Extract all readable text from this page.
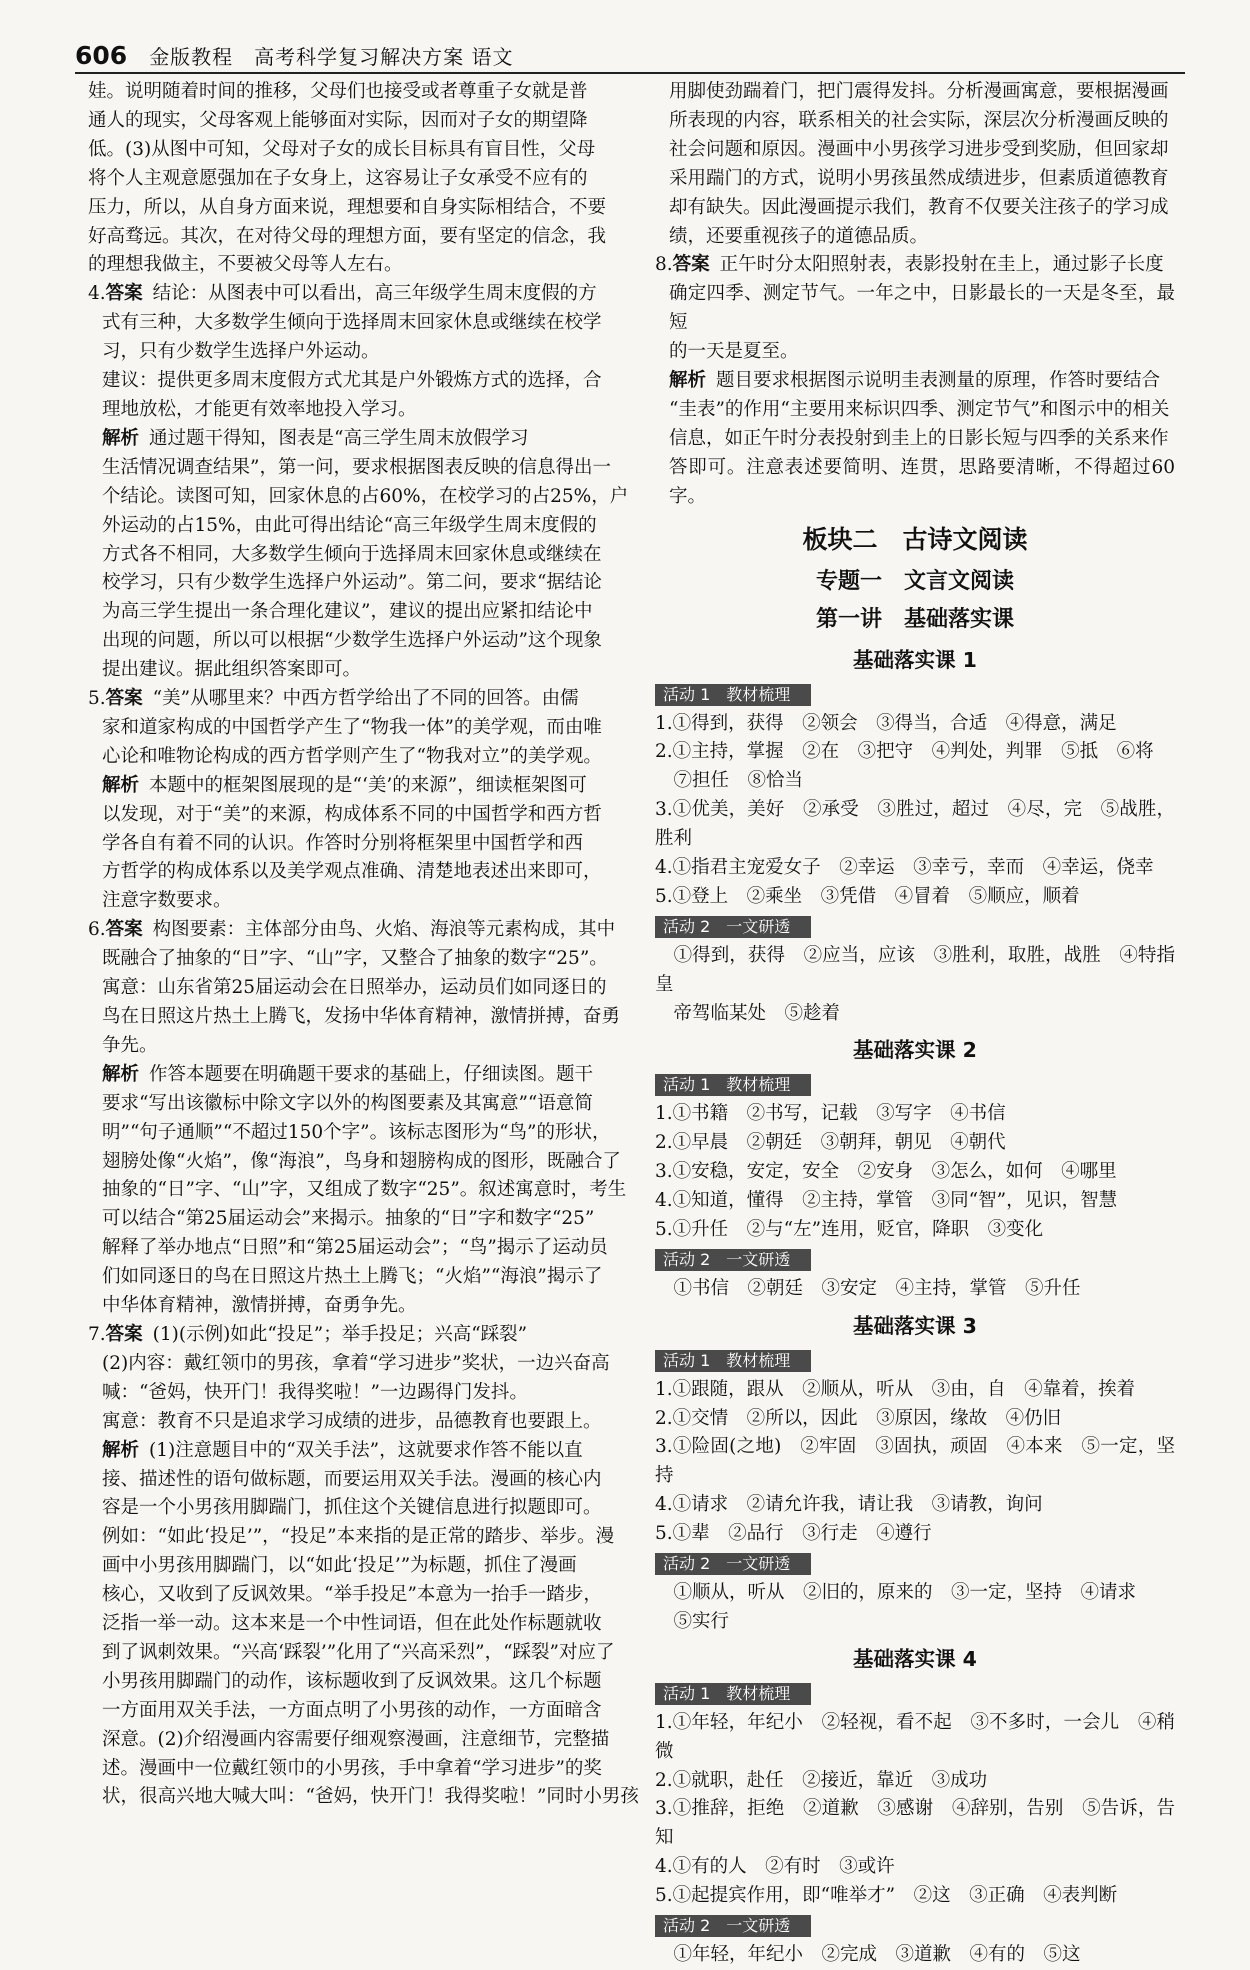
606 金版教程　高考科学复习解决方案 语文

娃。说明随着时间的推移，父母们也接受或者尊重子女就是普

通人的现实，父母客观上能够面对实际，因而对子女的期望降

低。(3)从图中可知，父母对子女的成长目标具有盲目性，父母

将个人主观意愿强加在子女身上，这容易让子女承受不应有的

压力，所以，从自身方面来说，理想要和自身实际相结合，不要

好高骛远。其次，在对待父母的理想方面，要有坚定的信念，我

的理想我做主，不要被父母等人左右。

4.答案 结论：从图表中可以看出，高三年级学生周末度假的方

式有三种，大多数学生倾向于选择周末回家休息或继续在校学

习，只有少数学生选择户外运动。

建议：提供更多周末度假方式尤其是户外锻炼方式的选择，合

理地放松，才能更有效率地投入学习。

解析 通过题干得知，图表是“高三学生周末放假学习

生活情况调查结果”，第一问，要求根据图表反映的信息得出一

个结论。读图可知，回家休息的占60%，在校学习的占25%，户

外运动的占15%，由此可得出结论“高三年级学生周末度假的

方式各不相同，大多数学生倾向于选择周末回家休息或继续在

校学习，只有少数学生选择户外运动”。第二问，要求“据结论

为高三学生提出一条合理化建议”，建议的提出应紧扣结论中

出现的问题，所以可以根据“少数学生选择户外运动”这个现象

提出建议。据此组织答案即可。

5.答案 “美”从哪里来？中西方哲学给出了不同的回答。由儒

家和道家构成的中国哲学产生了“物我一体”的美学观，而由唯

心论和唯物论构成的西方哲学则产生了“物我对立”的美学观。

解析 本题中的框架图展现的是“‘美’的来源”，细读框架图可

以发现，对于“美”的来源，构成体系不同的中国哲学和西方哲

学各自有着不同的认识。作答时分别将框架里中国哲学和西

方哲学的构成体系以及美学观点准确、清楚地表述出来即可，

注意字数要求。

6.答案 构图要素：主体部分由鸟、火焰、海浪等元素构成，其中

既融合了抽象的“日”字、“山”字，又整合了抽象的数字“25”。

寓意：山东省第25届运动会在日照举办，运动员们如同逐日的

鸟在日照这片热土上腾飞，发扬中华体育精神，激情拼搏，奋勇

争先。

解析 作答本题要在明确题干要求的基础上，仔细读图。题干

要求“写出该徽标中除文字以外的构图要素及其寓意”“语意简

明”“句子通顺”“不超过150个字”。该标志图形为“鸟”的形状，

翅膀处像“火焰”，像“海浪”，鸟身和翅膀构成的图形，既融合了

抽象的“日”字、“山”字，又组成了数字“25”。叙述寓意时，考生

可以结合“第25届运动会”来揭示。抽象的“日”字和数字“25”

解释了举办地点“日照”和“第25届运动会”；“鸟”揭示了运动员

们如同逐日的鸟在日照这片热土上腾飞；“火焰”“海浪”揭示了

中华体育精神，激情拼搏，奋勇争先。

7.答案 (1)(示例)如此“投足”；举手投足；兴高“踩裂”

(2)内容：戴红领巾的男孩，拿着“学习进步”奖状，一边兴奋高

喊：“爸妈，快开门！我得奖啦！”一边踢得门发抖。

寓意：教育不只是追求学习成绩的进步，品德教育也要跟上。

解析 (1)注意题目中的“双关手法”，这就要求作答不能以直

接、描述性的语句做标题，而要运用双关手法。漫画的核心内

容是一个小男孩用脚踹门，抓住这个关键信息进行拟题即可。

例如：“如此‘投足’”，“投足”本来指的是正常的踏步、举步。漫

画中小男孩用脚踹门，以“如此‘投足’”为标题，抓住了漫画

核心，又收到了反讽效果。“举手投足”本意为一抬手一踏步，

泛指一举一动。这本来是一个中性词语，但在此处作标题就收

到了讽刺效果。“兴高‘踩裂’”化用了“兴高采烈”，“踩裂”对应了

小男孩用脚踹门的动作，该标题收到了反讽效果。这几个标题

一方面用双关手法，一方面点明了小男孩的动作，一方面暗含

深意。(2)介绍漫画内容需要仔细观察漫画，注意细节，完整描

述。漫画中一位戴红领巾的小男孩，手中拿着“学习进步”的奖

状，很高兴地大喊大叫：“爸妈，快开门！我得奖啦！”同时小男孩

用脚使劲踹着门，把门震得发抖。分析漫画寓意，要根据漫画

所表现的内容，联系相关的社会实际，深层次分析漫画反映的

社会问题和原因。漫画中小男孩学习进步受到奖励，但回家却

采用踹门的方式，说明小男孩虽然成绩进步，但素质道德教育

却有缺失。因此漫画提示我们，教育不仅要关注孩子的学习成

绩，还要重视孩子的道德品质。

8.答案 正午时分太阳照射表，表影投射在圭上，通过影子长度

确定四季、测定节气。一年之中，日影最长的一天是冬至，最短

的一天是夏至。

解析 题目要求根据图示说明圭表测量的原理，作答时要结合

“圭表”的作用“主要用来标识四季、测定节气”和图示中的相关

信息，如正午时分表投射到圭上的日影长短与四季的关系来作

答即可。注意表述要简明、连贯，思路要清晰，不得超过60字。

板块二　古诗文阅读
专题一　文言文阅读
第一讲　基础落实课
基础落实课 1
活动 1　教材梳理

1.①得到，获得　②领会　③得当，合适　④得意，满足

2.①主持，掌握　②在　③把守　④判处，判罪　⑤抵　⑥将

　⑦担任　⑧恰当

3.①优美，美好　②承受　③胜过，超过　④尽，完　⑤战胜，胜利

4.①指君主宠爱女子　②幸运　③幸亏，幸而　④幸运，侥幸

5.①登上　②乘坐　③凭借　④冒着　⑤顺应，顺着

活动 2　一文研透

　①得到，获得　②应当，应该　③胜利，取胜，战胜　④特指皇

　帝驾临某处　⑤趁着

基础落实课 2
活动 1　教材梳理

1.①书籍　②书写，记载　③写字　④书信

2.①早晨　②朝廷　③朝拜，朝见　④朝代

3.①安稳，安定，安全　②安身　③怎么，如何　④哪里

4.①知道，懂得　②主持，掌管　③同“智”，见识，智慧

5.①升任　②与“左”连用，贬官，降职　③变化

活动 2　一文研透

　①书信　②朝廷　③安定　④主持，掌管　⑤升任

基础落实课 3
活动 1　教材梳理

1.①跟随，跟从　②顺从，听从　③由，自　④靠着，挨着

2.①交情　②所以，因此　③原因，缘故　④仍旧

3.①险固(之地)　②牢固　③固执，顽固　④本来　⑤一定，坚持

4.①请求　②请允许我，请让我　③请教，询问

5.①辈　②品行　③行走　④遵行

活动 2　一文研透

　①顺从，听从　②旧的，原来的　③一定，坚持　④请求

　⑤实行

基础落实课 4
活动 1　教材梳理

1.①年轻，年纪小　②轻视，看不起　③不多时，一会儿　④稍微

2.①就职，赴任　②接近，靠近　③成功

3.①推辞，拒绝　②道歉　③感谢　④辞别，告别　⑤告诉，告知

4.①有的人　②有时　③或许

5.①起提宾作用，即“唯举才”　②这　③正确　④表判断

活动 2　一文研透

　①年轻，年纪小　②完成　③道歉　④有的　⑤这
